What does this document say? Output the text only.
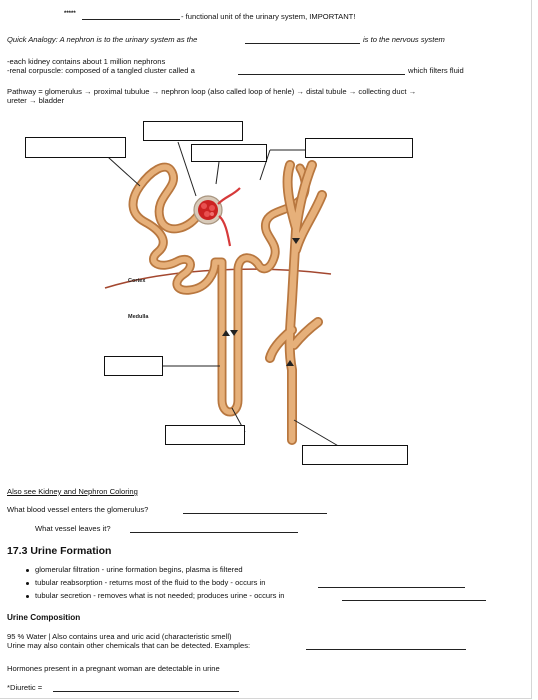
*****	- functional unit of the urinary system, IMPORTANT!
Quick Analogy: A nephron is to the urinary system as the	is to the nervous system
-each kidney contains about 1 million nephrons
-renal corpuscle: composed of a tangled cluster called a	which filters fluid
Pathway = glomerulus → proximal tubulue → nephron loop (also called loop of henle) → distal tubule → collecting duct →
ureter → bladder
Cortex
Medulla
Also see Kidney and Nephron Coloring
What blood vessel enters the glomerulus?
What vessel leaves it?
17.3 Urine Formation
glomerular filtration - urine formation begins, plasma is filtered
tubular reabsorption - returns most of the fluid to the body - occurs in
tubular secretion - removes what is not needed; produces urine - occurs in
Urine Composition
95 % Water | Also contains urea and uric acid (characteristic smell)
Urine may also contain other chemicals that can be detected. Examples:
Hormones present in a pregnant woman are detectable in urine
*Diuretic =
